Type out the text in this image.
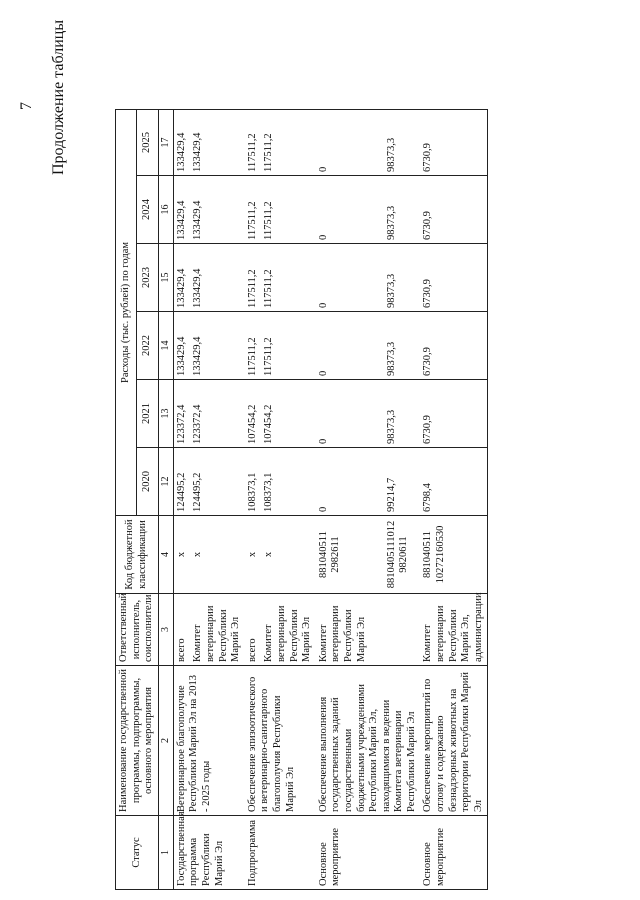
7 Продолжение таблицы
Статус	Наименование государственной программы, подпрограммы, основного мероприятия	Ответственный исполнитель, соисполнители	Код бюджетной классификации	Расходы (тыс. рублей) по годам					
				2020	2021	2022	2023	2024	2025
1	2	3	4	12	13	14	15	16	17
Государственная программа Республики Марий Эл	Ветеринарное благополучие Республики Марий Эл на 2013 - 2025 годы	всего	х	124495,2	123372,4	133429,4	133429,4	133429,4	133429,4
		Комитет ветеринарии Республики Марий Эл	х	124495,2	123372,4	133429,4	133429,4	133429,4	133429,4
Подпрограмма	Обеспечение эпизоотического и ветеринарно-санитарного благополучия Республики Марий Эл	всего	х	108373,1	107454,2	117511,2	117511,2	117511,2	117511,2
		Комитет ветеринарии Республики Марий Эл	х	108373,1	107454,2	117511,2	117511,2	117511,2	117511,2
Основное мероприятие	Обеспечение выполнения государственных заданий государственными бюджетными учреждениями Республики Марий Эл, находящимися в ведении Комитета ветеринарии Республики Марий Эл	Комитет ветеринарии Республики Марий Эл	881040511 2982611	0	0	0	0	0	0
			8810405111012 9820611	99214,7	98373,3	98373,3	98373,3	98373,3	98373,3
Основное мероприятие	Обеспечение мероприятий по отлову и содержанию безнадзорных животных на территории Республики Марий Эл	Комитет ветеринарии Республики Марий Эл, администрации	881040511 10272160530	6798,4	6730,9	6730,9	6730,9	6730,9	6730,9
